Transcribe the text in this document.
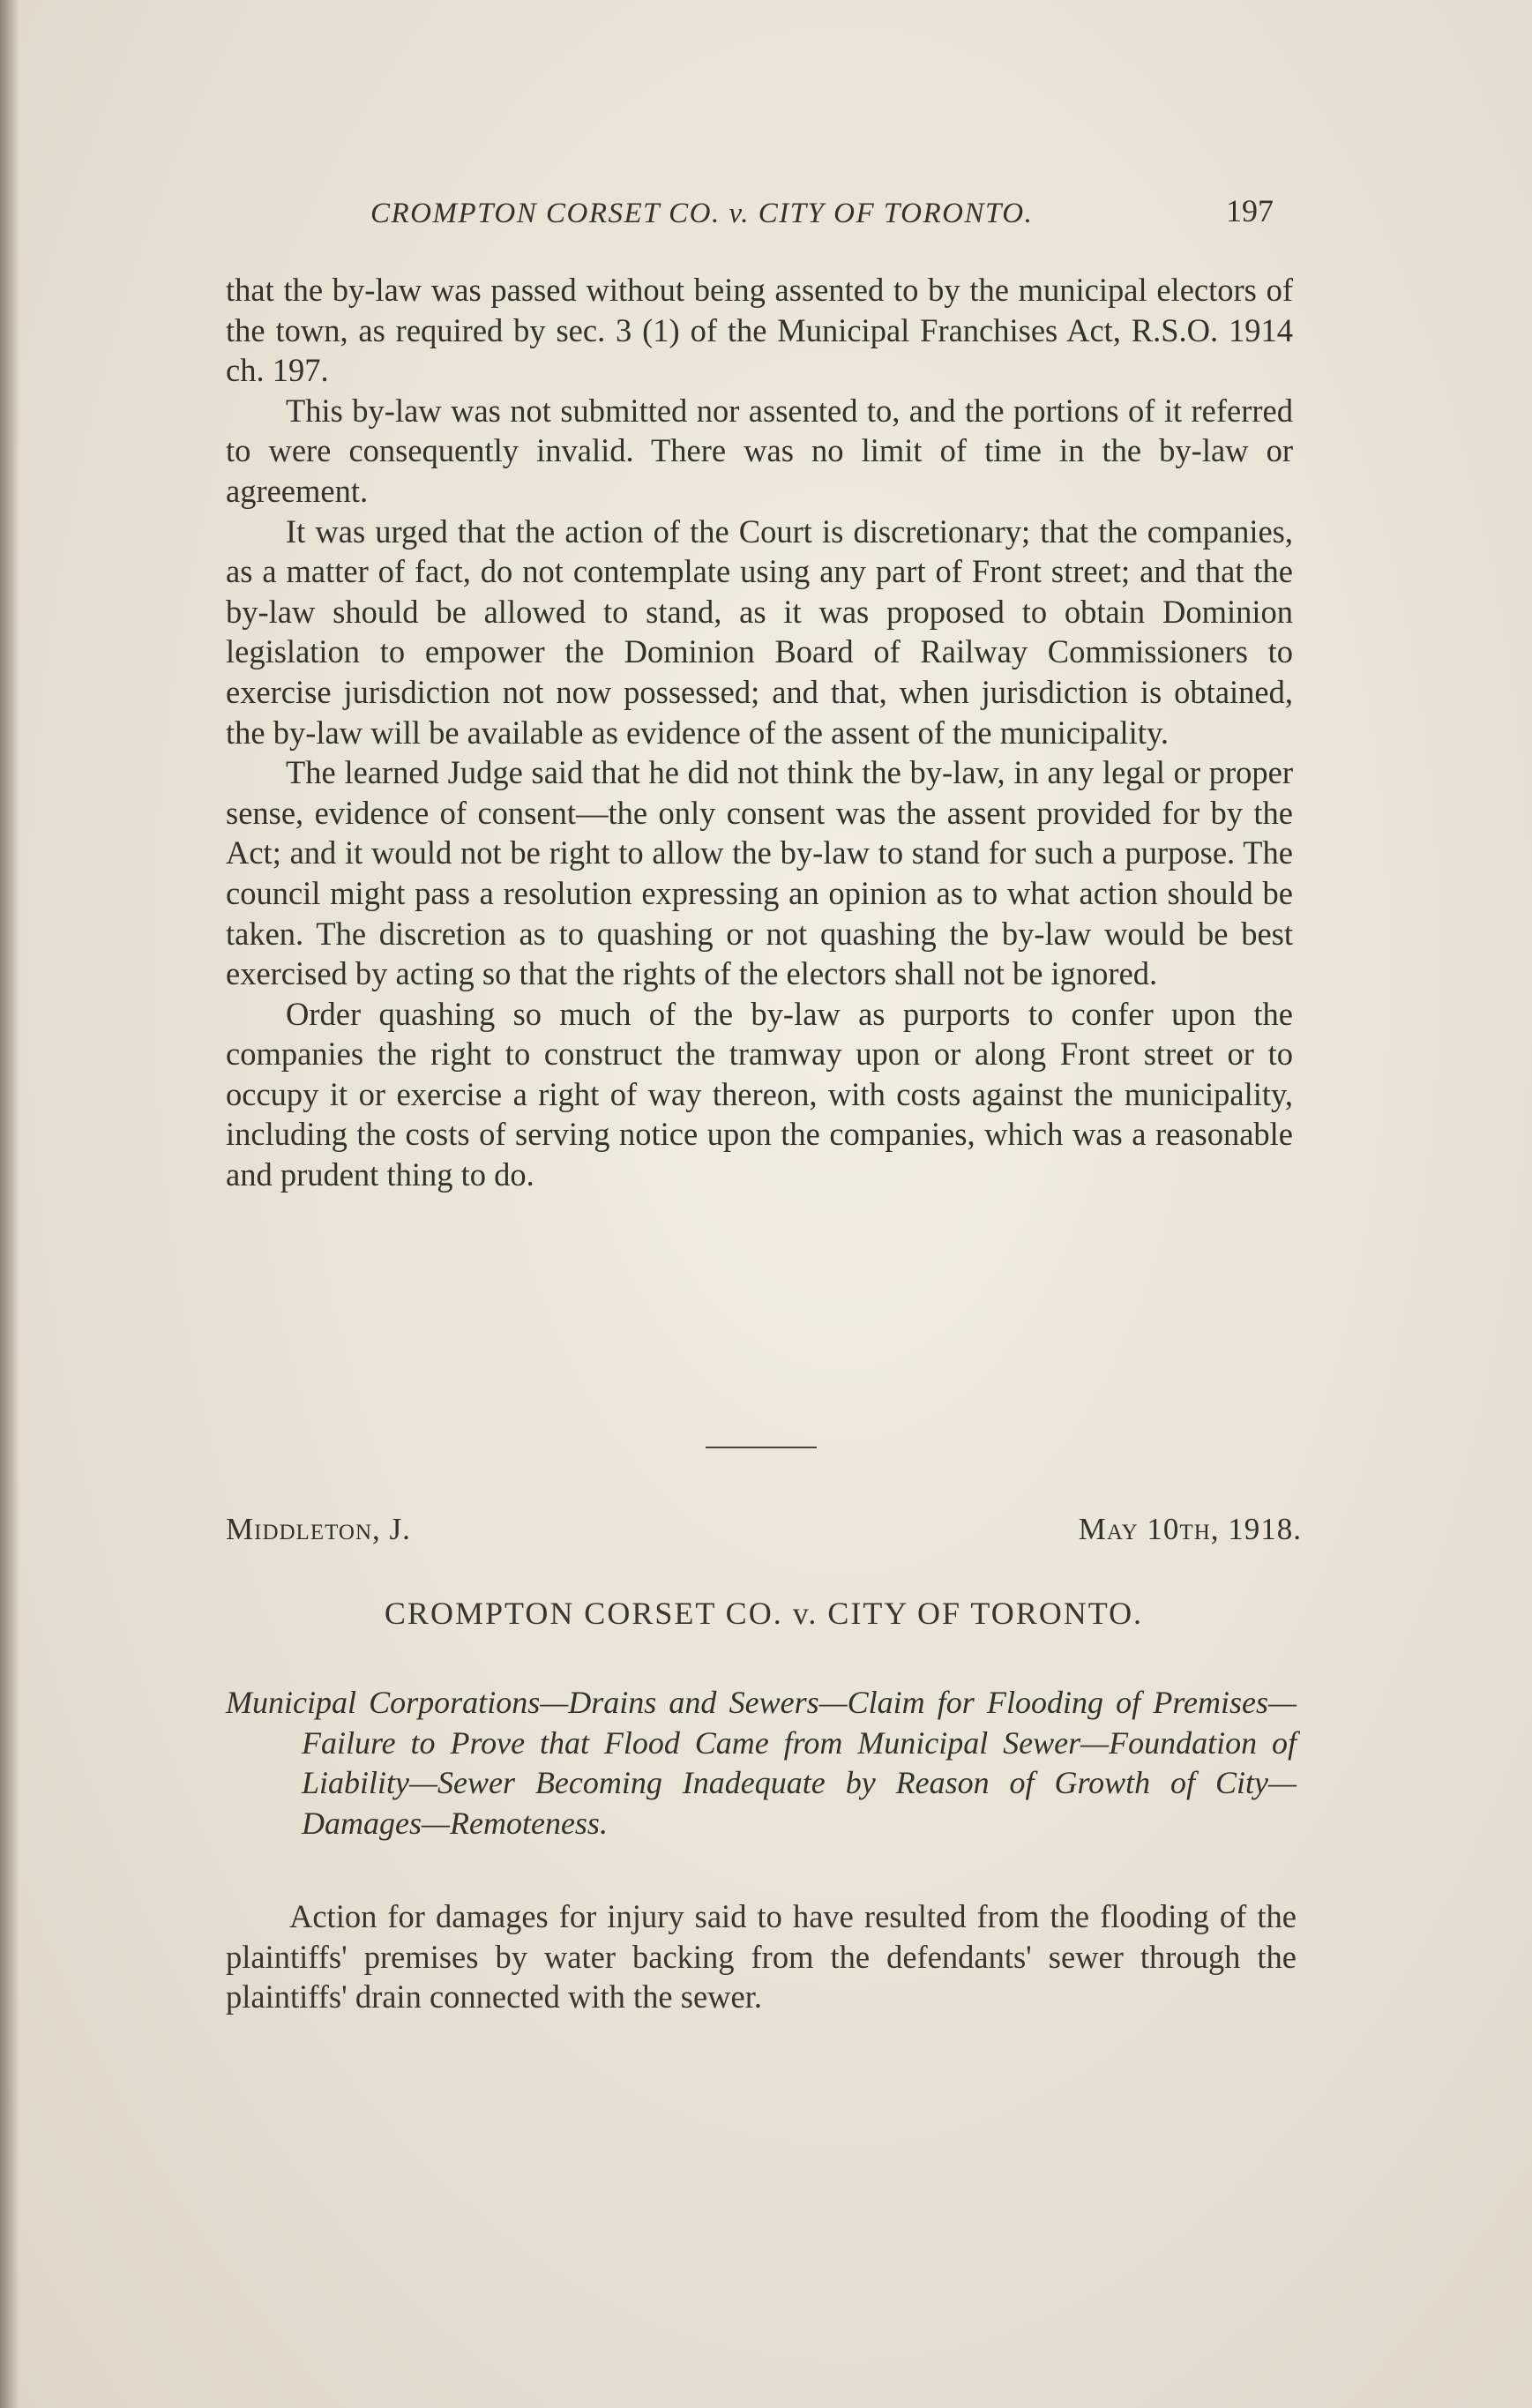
CROMPTON CORSET CO. v. CITY OF TORONTO.	197

that the by-law was passed without being assented to by the municipal electors of the town, as required by sec. 3 (1) of the Municipal Franchises Act, R.S.O. 1914 ch. 197.

This by-law was not submitted nor assented to, and the portions of it referred to were consequently invalid. There was no limit of time in the by-law or agreement.

It was urged that the action of the Court is discretionary; that the companies, as a matter of fact, do not contemplate using any part of Front street; and that the by-law should be allowed to stand, as it was proposed to obtain Dominion legislation to empower the Dominion Board of Railway Commissioners to exercise jurisdiction not now possessed; and that, when jurisdiction is obtained, the by-law will be available as evidence of the assent of the municipality.

The learned Judge said that he did not think the by-law, in any legal or proper sense, evidence of consent—the only consent was the assent provided for by the Act; and it would not be right to allow the by-law to stand for such a purpose. The council might pass a resolution expressing an opinion as to what action should be taken. The discretion as to quashing or not quashing the by-law would be best exercised by acting so that the rights of the electors shall not be ignored.

Order quashing so much of the by-law as purports to confer upon the companies the right to construct the tramway upon or along Front street or to occupy it or exercise a right of way thereon, with costs against the municipality, including the costs of serving notice upon the companies, which was a reasonable and prudent thing to do.

Middleton, J.	May 10th, 1918.
CROMPTON CORSET CO. v. CITY OF TORONTO.
Municipal Corporations—Drains and Sewers—Claim for Flooding of Premises—Failure to Prove that Flood Came from Municipal Sewer—Foundation of Liability—Sewer Becoming Inadequate by Reason of Growth of City—Damages—Remoteness.
Action for damages for injury said to have resulted from the flooding of the plaintiffs' premises by water backing from the defendants' sewer through the plaintiffs' drain connected with the sewer.
